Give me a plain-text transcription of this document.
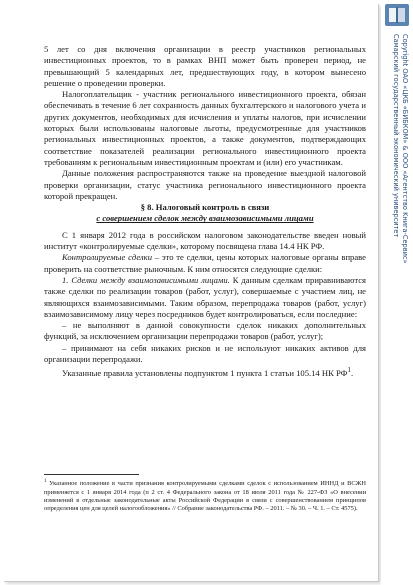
5 лет со дня включения организации в реестр участников региональных инвестиционных проектов, то в рамках ВНП может быть проверен период, не превышающий 5 календарных лет, предшествующих году, в котором вынесено решение о проведении проверки.

Налогоплательщик - участник регионального инвестиционного проекта, обязан обеспечивать в течение 6 лет сохранность данных бухгалтерского и налогового учета и других документов, необходимых для исчисления и уплаты налогов, при исчислении которых были использованы налоговые льготы, предусмотренные для участников региональных инвестиционных проектов, а также документов, подтверждающих соответствие показателей реализации регионального инвестиционного проекта требованиям к региональным инвестиционным проектам и (или) его участникам.

Данные положения распространяются также на проведение выездной налоговой проверки организации, статус участника регионального инвестиционного проекта которой прекращен.

§ 8. Налоговый контроль в связи

с совершением сделок между взаимозависимыми лицами

С 1 января 2012 года в российском налоговом законодательстве введен новый институт «контролируемые сделки», которому посвящена глава 14.4 НК РФ.

Контролируемые сделки – это те сделки, цены которых налоговые органы вправе проверить на соответствие рыночным. К ним относятся следующие сделки:

1. Сделки между взаимозависимыми лицами. К данным сделкам приравниваются также сделки по реализации товаров (работ, услуг), совершаемые с участием лиц, не являющихся взаимозависимыми. Таким образом, перепродажа товаров (работ, услуг) взаимозависимому лицу через посредников будет контролироваться, если последние:

– не выполняют в данной совокупности сделок никаких дополнительных функций, за исключением организации перепродажи товаров (работ, услуг);

– принимают на себя никаких рисков и не используют никаких активов для организации перепродажи.

Указанные правила установлены подпунктом 1 пункта 1 статьи 105.14 НК $РФ^1$.

$^1$ Указанное положение в части признания контролируемыми сделками сделок с использованием ИННД и ВСЖН применяется с 1 января 2014 года (п 2 ст. 4 Федерального закона от 18 июля 2011 года № 227-ФЗ «О внесении изменений в отдельные законодательные акты Российской Федерации в связи с совершенствованием принципов определения цен для целей налогообложения» // Собрание законодательства РФ. – 2011. – № 30. – Ч. 1. – Ст. 4575).
Copyright ОАО «ЦКБ «БИБКОМ» & ООО «Aгентство Kнига-Cервис»
Самарский государственный экономический университет
